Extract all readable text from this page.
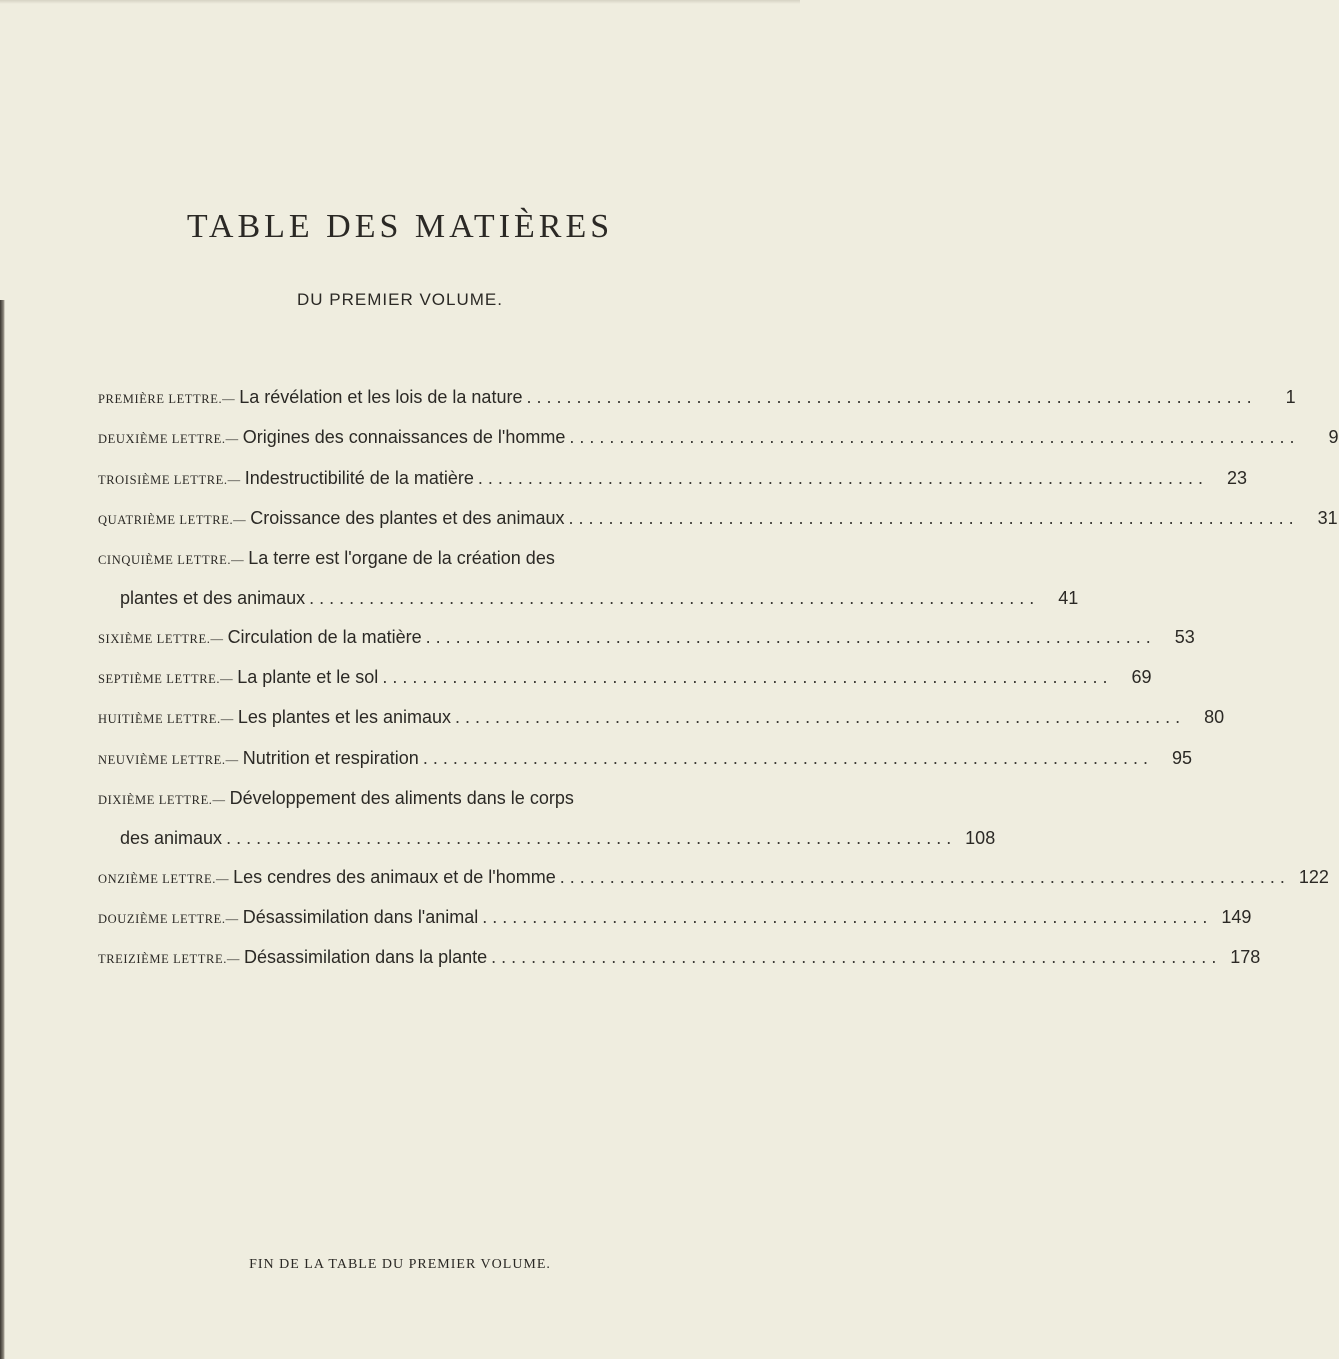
TABLE DES MATIÈRES
DU PREMIER VOLUME.
PREMIÈRE LETTRE.— La révélation et les lois de la nature . . .	1
DEUXIÈME LETTRE.— Origines des connaissances de l'homme . . .	9
TROISIÈME LETTRE.— Indestructibilité de la matière . . .	23
QUATRIÈME LETTRE.— Croissance des plantes et des animaux . . .	31
CINQUIÈME LETTRE.— La terre est l'organe de la création des
plantes et des animaux . . .	41
SIXIÈME LETTRE.— Circulation de la matière . . .	53
SEPTIÈME LETTRE.— La plante et le sol . . .	69
HUITIÈME LETTRE.— Les plantes et les animaux . . .	80
NEUVIÈME LETTRE.— Nutrition et respiration . . .	95
DIXIÈME LETTRE.— Développement des aliments dans le corps
des animaux . . .	108
ONZIÈME LETTRE.— Les cendres des animaux et de l'homme . . .	122
DOUZIÈME LETTRE.— Désassimilation dans l'animal . . .	149
TREIZIÈME LETTRE.— Désassimilation dans la plante . . .	178
FIN DE LA TABLE DU PREMIER VOLUME.
